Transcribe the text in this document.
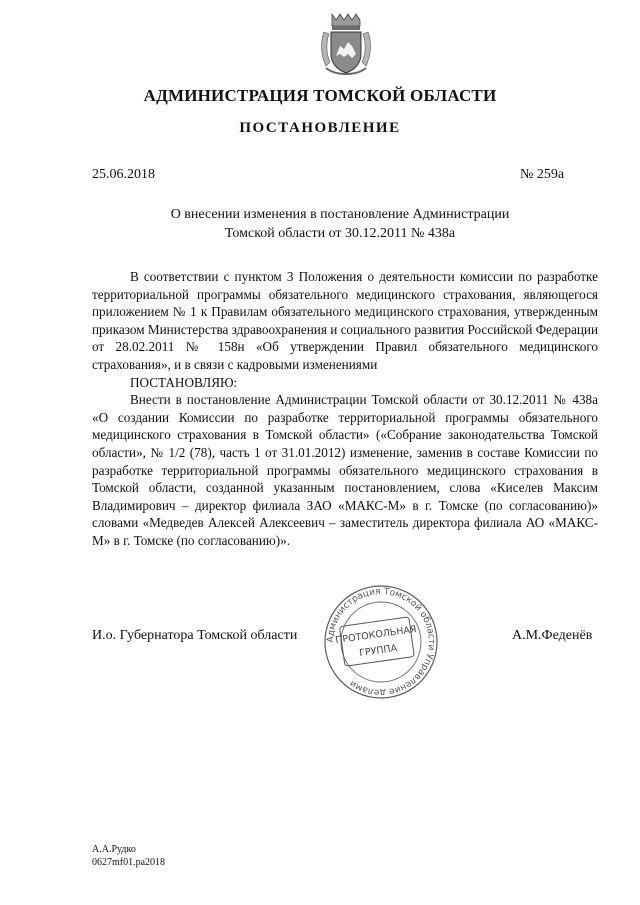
АДМИНИСТРАЦИЯ ТОМСКОЙ ОБЛАСТИ
ПОСТАНОВЛЕНИЕ
25.06.2018	№ 259а
О внесении изменения в постановление Администрации
Томской области от 30.12.2011 № 438а

В соответствии с пунктом 3 Положения о деятельности комиссии по разработке территориальной программы обязательного медицинского страхования, являющегося приложением № 1 к Правилам обязательного медицинского страхования, утвержденным приказом Министерства здравоохранения и социального развития Российской Федерации от 28.02.2011 № 158н «Об утверждении Правил обязательного медицинского страхования», и в связи с кадровыми изменениями

ПОСТАНОВЛЯЮ:

Внести в постановление Администрации Томской области от 30.12.2011 № 438а «О создании Комиссии по разработке территориальной программы обязательного медицинского страхования в Томской области» («Собрание законодательства Томской области», № 1/2 (78), часть 1 от 31.01.2012) изменение, заменив в составе Комиссии по разработке территориальной программы обязательного медицинского страхования в Томской области, созданной указанным постановлением, слова «Киселев Максим Владимирович – директор филиала ЗАО «МАКС-М» в г. Томске (по согласованию)» словами «Медведев Алексей Алексеевич – заместитель директора филиала АО «МАКС-М» в г. Томске (по согласованию)».

И.о. Губернатора Томской области	А.М.Феденёв
Администрация Томской области Управление делами
ПРОТОКОЛЬНАЯ
ГРУППА
А.А.Рудко
0627mf01.pa2018
